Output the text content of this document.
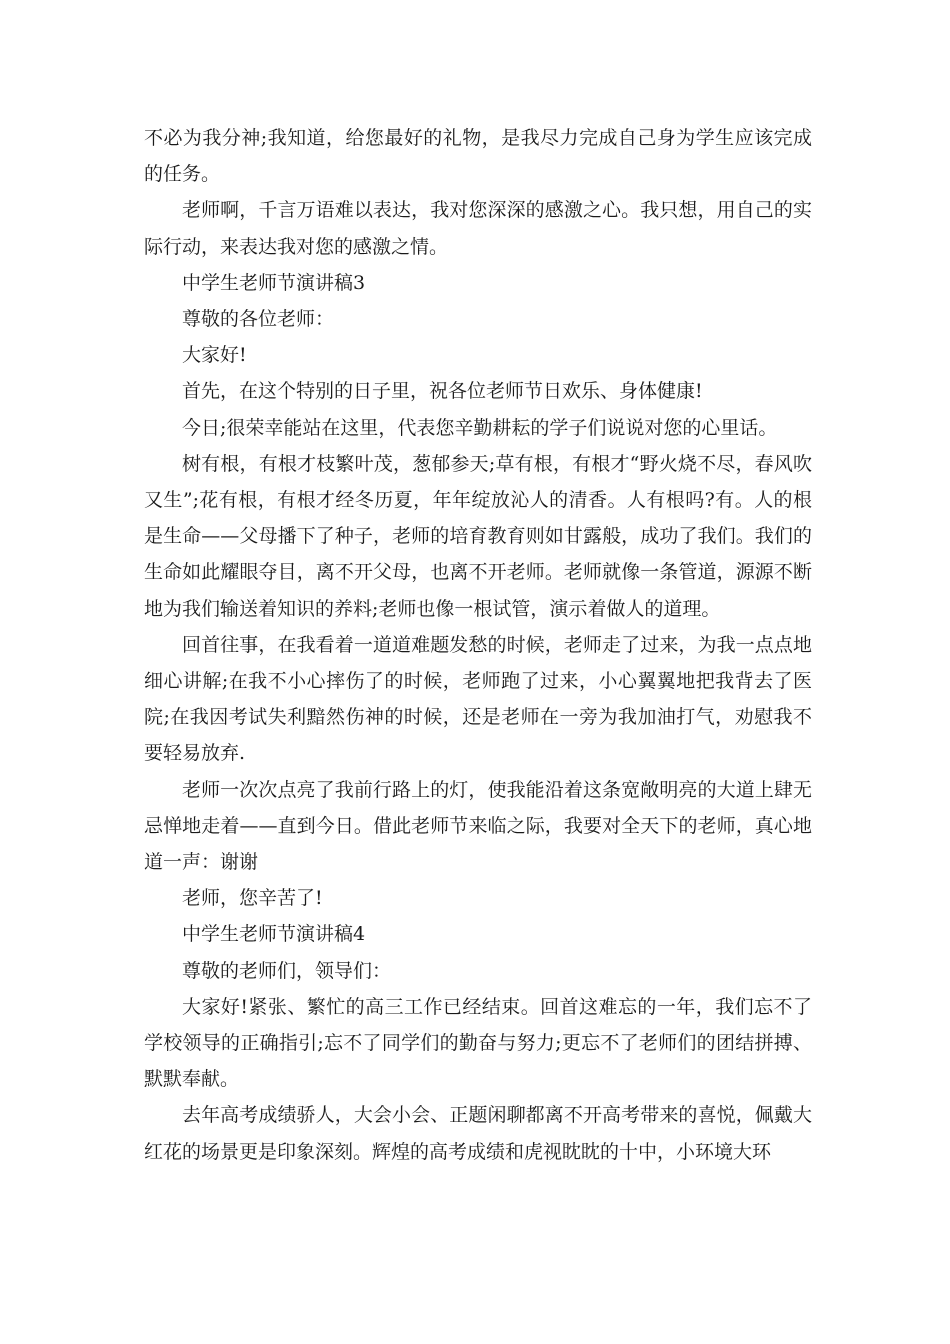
不必为我分神;我知道，给您最好的礼物，是我尽力完成自己身为学生应该完成的任务。

老师啊，千言万语难以表达，我对您深深的感激之心。我只想，用自己的实际行动，来表达我对您的感激之情。

中学生老师节演讲稿3

尊敬的各位老师：

大家好!

首先，在这个特别的日子里，祝各位老师节日欢乐、身体健康!

今日;很荣幸能站在这里，代表您辛勤耕耘的学子们说说对您的心里话。

树有根，有根才枝繁叶茂，葱郁参天;草有根，有根才“野火烧不尽，春风吹又生”;花有根，有根才经冬历夏，年年绽放沁人的清香。人有根吗?有。人的根是生命——父母播下了种子，老师的培育教育则如甘露般，成功了我们。我们的生命如此耀眼夺目，离不开父母，也离不开老师。老师就像一条管道，源源不断地为我们输送着知识的养料;老师也像一根试管，演示着做人的道理。

回首往事，在我看着一道道难题发愁的时候，老师走了过来，为我一点点地细心讲解;在我不小心摔伤了的时候，老师跑了过来，小心翼翼地把我背去了医院;在我因考试失利黯然伤神的时候，还是老师在一旁为我加油打气，劝慰我不要轻易放弃.

老师一次次点亮了我前行路上的灯，使我能沿着这条宽敞明亮的大道上肆无忌惮地走着——直到今日。借此老师节来临之际，我要对全天下的老师，真心地道一声：谢谢

老师，您辛苦了!

中学生老师节演讲稿4

尊敬的老师们，领导们：

大家好!紧张、繁忙的高三工作已经结束。回首这难忘的一年，我们忘不了学校领导的正确指引;忘不了同学们的勤奋与努力;更忘不了老师们的团结拼搏、默默奉献。

去年高考成绩骄人，大会小会、正题闲聊都离不开高考带来的喜悦，佩戴大红花的场景更是印象深刻。辉煌的高考成绩和虎视眈眈的十中，小环境大环
